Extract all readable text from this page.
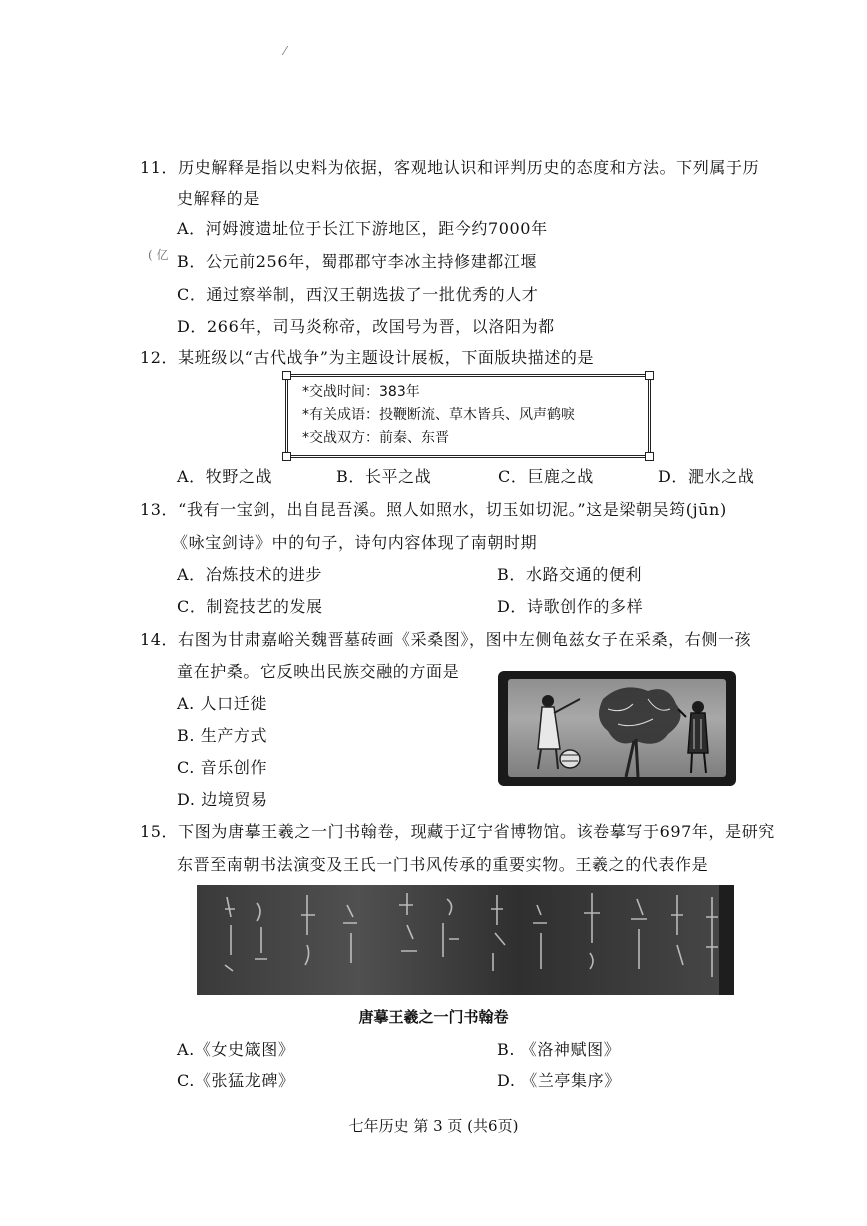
⁄
( 亿
11．历史解释是指以史料为依据，客观地认识和评判历史的态度和方法。下列属于历
史解释的是
A．河姆渡遗址位于长江下游地区，距今约7000年
B．公元前256年，蜀郡郡守李冰主持修建都江堰
C．通过察举制，西汉王朝选拔了一批优秀的人才
D．266年，司马炎称帝，改国号为晋，以洛阳为都
12．某班级以“古代战争”为主题设计展板，下面版块描述的是
*交战时间：383年
*有关成语：投鞭断流、草木皆兵、风声鹤唳
*交战双方：前秦、东晋
A．牧野之战	B．长平之战	C．巨鹿之战	D．淝水之战
13．“我有一宝剑，出自昆吾溪。照人如照水，切玉如切泥。”这是梁朝吴筠(jūn)
《咏宝剑诗》中的句子，诗句内容体现了南朝时期
A．冶炼技术的进步	B．水路交通的便利
C．制瓷技艺的发展	D．诗歌创作的多样
14．右图为甘肃嘉峪关魏晋墓砖画《采桑图》，图中左侧龟兹女子在采桑，右侧一孩
童在护桑。它反映出民族交融的方面是
A. 人口迁徙
B. 生产方式
C. 音乐创作
D. 边境贸易
15．下图为唐摹王羲之一门书翰卷，现藏于辽宁省博物馆。该卷摹写于697年，是研究
东晋至南朝书法演变及王氏一门书风传承的重要实物。王羲之的代表作是
唐摹王羲之一门书翰卷
A.《女史箴图》	B. 《洛神赋图》
C.《张猛龙碑》	D. 《兰亭集序》
七年历史 第 3 页 (共6页)
